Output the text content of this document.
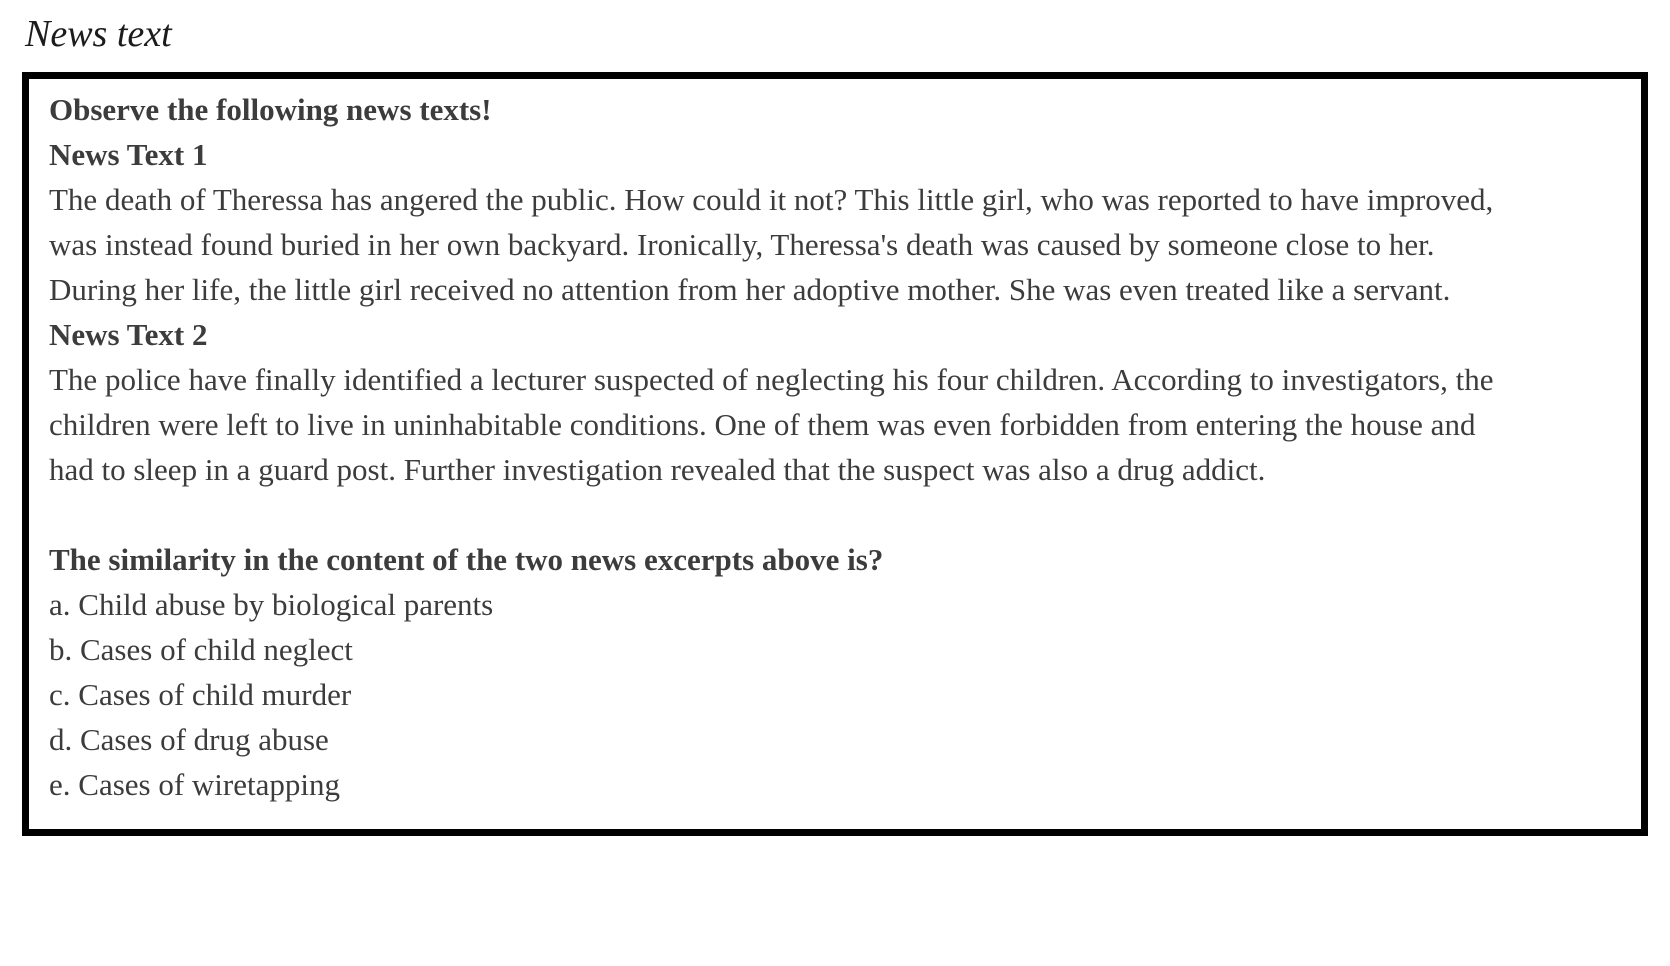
News text

Observe the following news texts!

News Text 1

The death of Theressa has angered the public. How could it not? This little girl, who was reported to have improved, was instead found buried in her own backyard. Ironically, Theressa's death was caused by someone close to her. During her life, the little girl received no attention from her adoptive mother. She was even treated like a servant.

News Text 2

The police have finally identified a lecturer suspected of neglecting his four children. According to investigators, the children were left to live in uninhabitable conditions. One of them was even forbidden from entering the house and had to sleep in a guard post. Further investigation revealed that the suspect was also a drug addict.

The similarity in the content of the two news excerpts above is?

a. Child abuse by biological parents

b. Cases of child neglect

c. Cases of child murder

d. Cases of drug abuse

e. Cases of wiretapping
